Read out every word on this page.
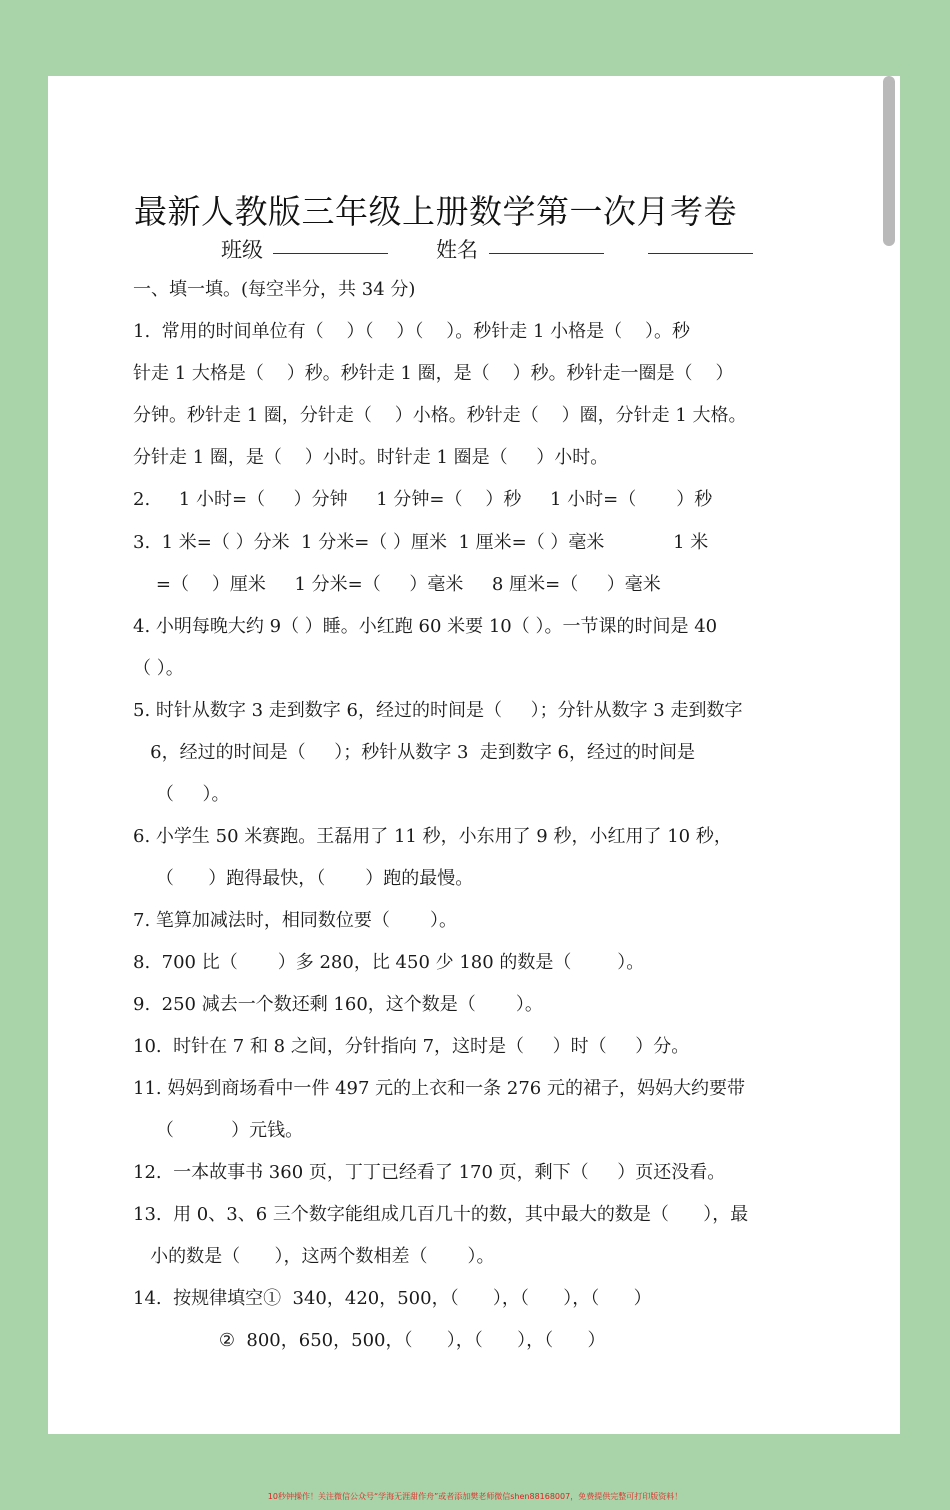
最新人教版三年级上册数学第一次月考卷
班级	姓名
一、填一填。(每空半分，共 34 分)
1.  常用的时间单位有（    ）（    ）（    ）。秒针走 1 小格是（    ）。秒
针走 1 大格是（    ）秒。秒针走 1 圈，是（    ）秒。秒针走一圈是（    ）
分钟。秒针走 1 圈，分针走（    ）小格。秒针走（    ）圈，分针走 1 大格。
分针走 1 圈，是（    ）小时。时针走 1 圈是（     ）小时。
2.     1 小时=（     ）分钟     1 分钟=（    ）秒     1 小时=（       ）秒
3.  1 米=（ ）分米  1 分米=（ ）厘米  1 厘米=（ ）毫米            1 米
=（    ）厘米     1 分米=（     ）毫米     8 厘米=（     ）毫米
4. 小明每晚大约 9（ ）睡。小红跑 60 米要 10（ ）。一节课的时间是 40
（ ）。
5. 时针从数字 3 走到数字 6，经过的时间是（     ）；分针从数字 3 走到数字
6，经过的时间是（     ）；秒针从数字 3  走到数字 6，经过的时间是
（     ）。
6. 小学生 50 米赛跑。王磊用了 11 秒，小东用了 9 秒，小红用了 10 秒，
（      ）跑得最快，（       ）跑的最慢。
7. 笔算加减法时，相同数位要（       ）。
8.  700 比（       ）多 280，比 450 少 180 的数是（        ）。
9.  250 减去一个数还剩 160，这个数是（       ）。
10.  时针在 7 和 8 之间，分针指向 7，这时是（     ）时（     ）分。
11. 妈妈到商场看中一件 497 元的上衣和一条 276 元的裙子，妈妈大约要带
（          ）元钱。
12.  一本故事书 360 页，丁丁已经看了 170 页，剩下（     ）页还没看。
13.  用 0、3、6 三个数字能组成几百几十的数，其中最大的数是（      ），最
小的数是（      ），这两个数相差（       ）。
14.  按规律填空①  340，420，500，（      ），（      ），（      ）
②  800，650，500，（      ），（      ），（      ）
10秒钟操作！关注微信公众号“学海无涯甜作舟”或者添加樊老师微信shen88168007，免费提供完整可打印版资料！
